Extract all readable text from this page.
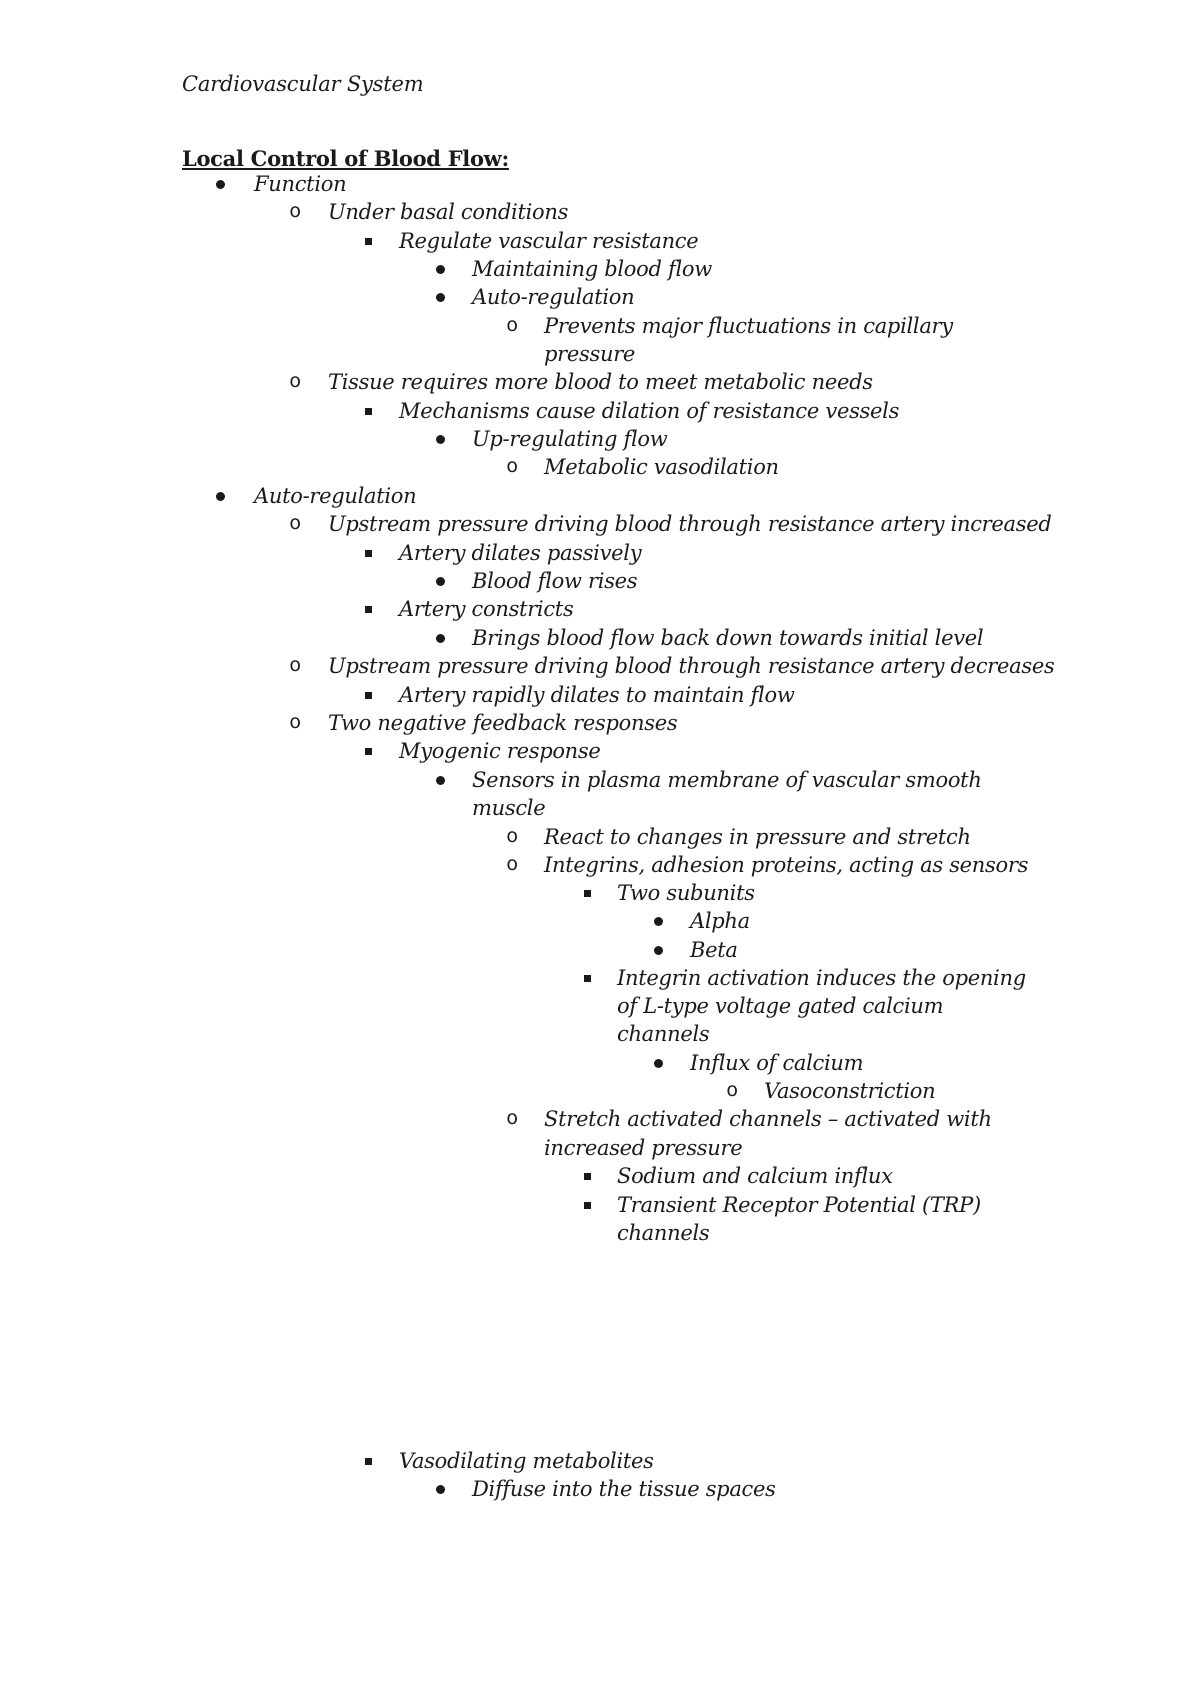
Cardiovascular System
Local Control of Blood Flow:
Function
o	Under basal conditions
Regulate vascular resistance
Maintaining blood flow
Auto-regulation
o	Prevents major fluctuations in capillary
pressure
o	Tissue requires more blood to meet metabolic needs
Mechanisms cause dilation of resistance vessels
Up-regulating flow
o	Metabolic vasodilation
Auto-regulation
o	Upstream pressure driving blood through resistance artery increased
Artery dilates passively
Blood flow rises
Artery constricts
Brings blood flow back down towards initial level
o	Upstream pressure driving blood through resistance artery decreases
Artery rapidly dilates to maintain flow
o	Two negative feedback responses
Myogenic response
Sensors in plasma membrane of vascular smooth
muscle
o	React to changes in pressure and stretch
o	Integrins, adhesion proteins, acting as sensors
Two subunits
Alpha
Beta
Integrin activation induces the opening
of L-type voltage gated calcium
channels
Influx of calcium
o	Vasoconstriction
o	Stretch activated channels – activated with
increased pressure
Sodium and calcium influx
Transient Receptor Potential (TRP)
channels
Vasodilating metabolites
Diffuse into the tissue spaces
